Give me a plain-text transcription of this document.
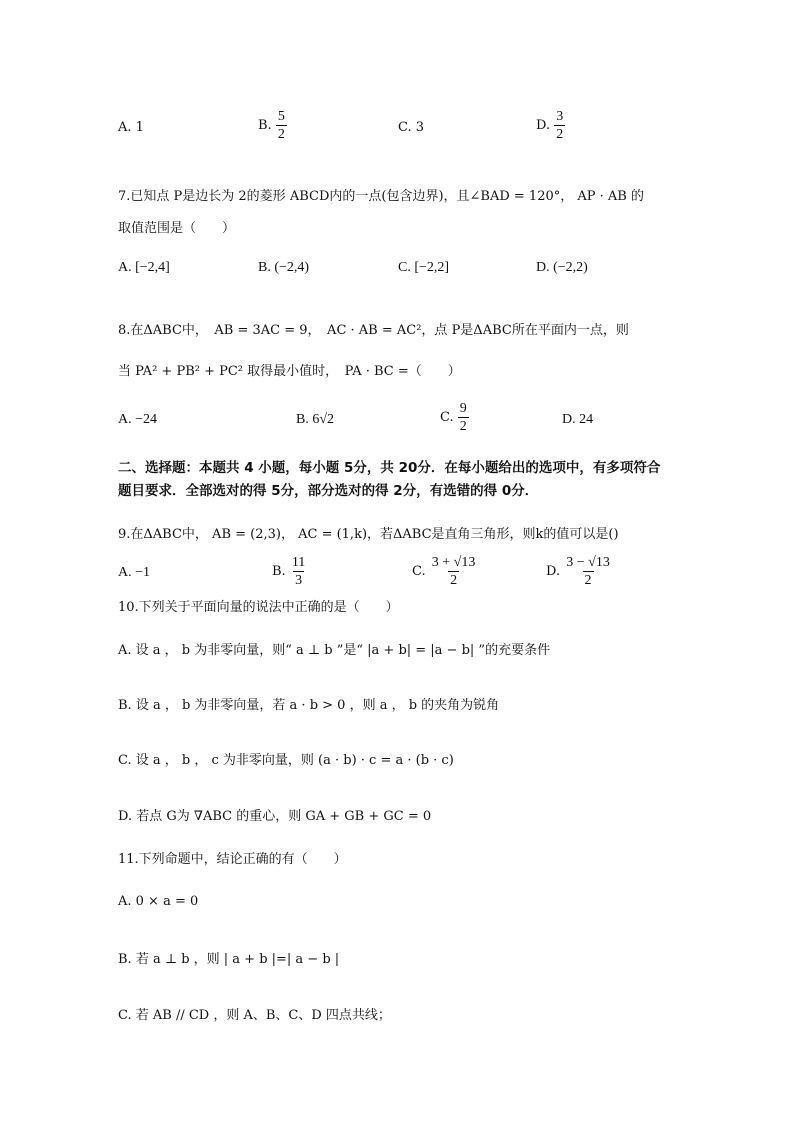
A. 1	B. $\frac{5}{2}$	C. 3	D. $\frac{3}{2}$
7.已知点 P是边长为 2的菱形 ABCD内的一点(包含边界)，且∠BAD = 120°， AP · AB 的
取值范围是（　　）
A. [−2,4]	B. (−2,4)	C. [−2,2]	D. (−2,2)
8.在ΔABC中，　AB = 3AC = 9，　AC · AB = AC²，点 P是ΔABC所在平面内一点，则
当 PA² + PB² + PC² 取得最小值时，　PA · BC =（　　）
A. −24	B. 6√2	C. $\frac{9}{2}$	D. 24
二、选择题：本题共 4 小题，每小题 5分，共 20分．在每小题给出的选项中，有多项符合
题目要求．全部选对的得 5分，部分选对的得 2分，有选错的得 0分．
9.在ΔABC中， AB = (2,3)， AC = (1,k)，若ΔABC是直角三角形，则k的值可以是()
A. −1	B. $\frac{11}{3}$	C. $\frac{3 + √13}{2}$	D. $\frac{3 - √13}{2}$
10.下列关于平面向量的说法中正确的是（　　）
A. 设 a ， b 为非零向量，则“ a ⊥ b ”是“ |a + b| = |a − b| ”的充要条件
B. 设 a ， b 为非零向量，若 a · b > 0 ，则 a ， b 的夹角为锐角
C. 设 a ， b ， c 为非零向量，则 (a · b) · c = a · (b · c)
D. 若点 G为 ∇ABC 的重心，则 GA + GB + GC = 0
11.下列命题中，结论正确的有（　　）
A. 0 × a = 0
B. 若 a ⊥ b ，则 | a + b |=| a − b |
C. 若 AB // CD ，则 A、B、C、D 四点共线；
